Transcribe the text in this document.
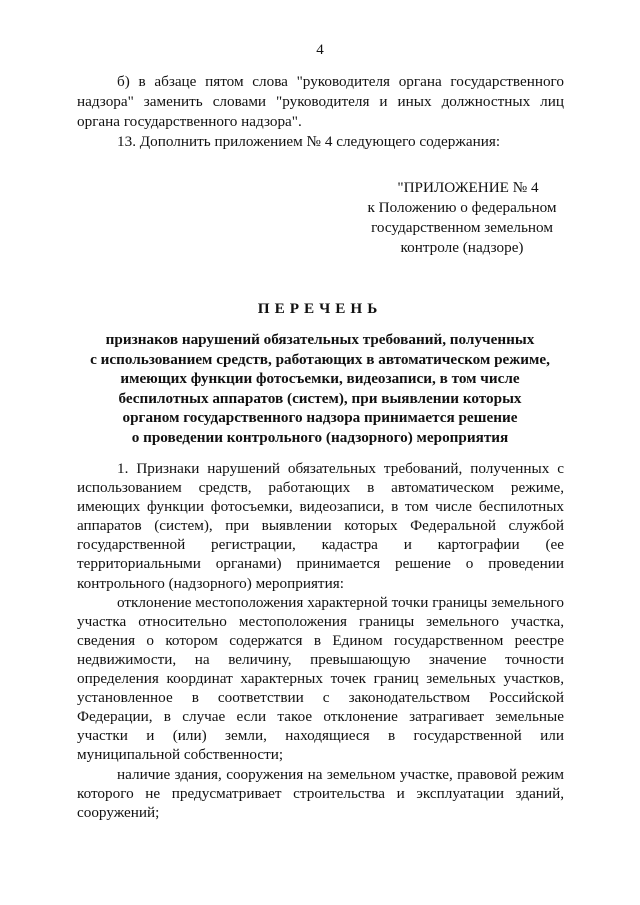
4

б) в абзаце пятом слова "руководителя органа государственного надзора" заменить словами "руководителя и иных должностных лиц органа государственного надзора".

13. Дополнить приложением № 4 следующего содержания:

"ПРИЛОЖЕНИЕ № 4
к Положению о федеральном
государственном земельном
контроле (надзоре)
ПЕРЕЧЕНЬ
признаков нарушений обязательных требований, полученных
с использованием средств, работающих в автоматическом режиме,
имеющих функции фотосъемки, видеозаписи, в том числе
беспилотных аппаратов (систем), при выявлении которых
органом государственного надзора принимается решение
о проведении контрольного (надзорного) мероприятия

1. Признаки нарушений обязательных требований, полученных с использованием средств, работающих в автоматическом режиме, имеющих функции фотосъемки, видеозаписи, в том числе беспилотных аппаратов (систем), при выявлении которых Федеральной службой государственной регистрации, кадастра и картографии (ее территориальными органами) принимается решение о проведении контрольного (надзорного) мероприятия:

отклонение местоположения характерной точки границы земельного участка относительно местоположения границы земельного участка, сведения о котором содержатся в Едином государственном реестре недвижимости, на величину, превышающую значение точности определения координат характерных точек границ земельных участков, установленное в соответствии с законодательством Российской Федерации, в случае если такое отклонение затрагивает земельные участки и (или) земли, находящиеся в государственной или муниципальной собственности;

наличие здания, сооружения на земельном участке, правовой режим которого не предусматривает строительства и эксплуатации зданий, сооружений;
